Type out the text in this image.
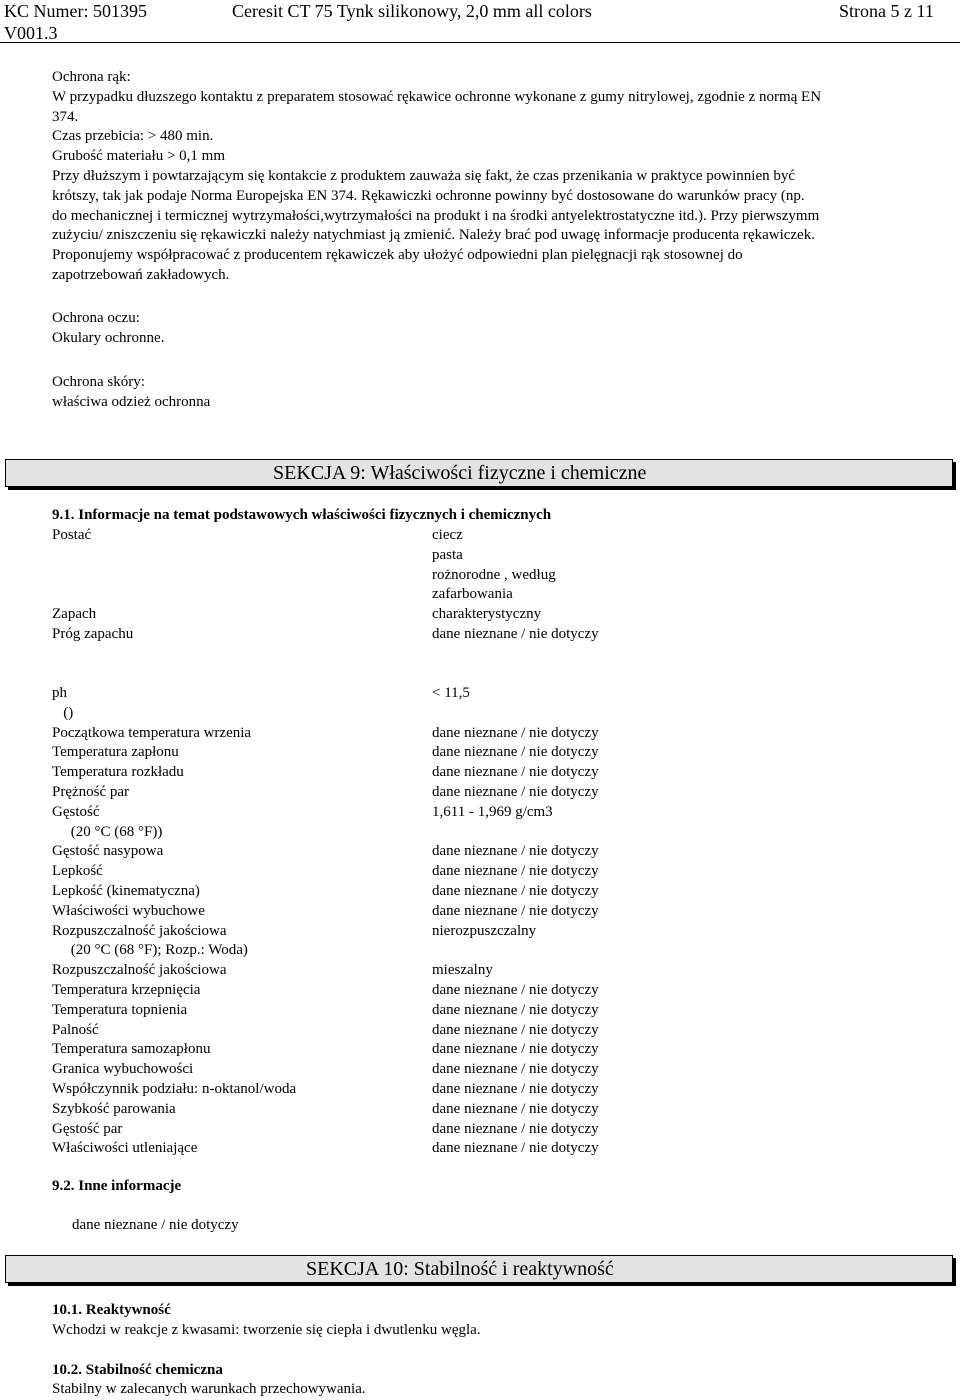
KC Numer: 501395
V001.3
Ceresit CT 75 Tynk silikonowy, 2,0 mm all colors	Strona 5 z 11
Ochrona rąk:
W przypadku dłuzszego kontaktu z preparatem stosować rękawice ochronne wykonane z gumy nitrylowej, zgodnie z normą EN
374.
Czas przebicia: > 480 min.
Grubość materiału > 0,1 mm
Przy dłuższym i powtarzającym się kontakcie z produktem zauważa się fakt, że czas przenikania w praktyce powinnien być
krótszy, tak jak podaje Norma Europejska EN 374. Rękawiczki ochronne powinny być dostosowane do warunków pracy (np.
do mechanicznej i termicznej wytrzymałości,wytrzymałości na produkt i na środki antyelektrostatyczne itd.). Przy pierwszymm
zużyciu/ zniszczeniu się rękawiczki należy natychmiast ją zmienić. Należy brać pod uwagę informacje producenta rękawiczek.
Proponujemy współpracować z producentem rękawiczek aby ułożyć odpowiedni plan pielęgnacji rąk stosownej do
zapotrzebowań zakładowych.
Ochrona oczu:
Okulary ochronne.
Ochrona skóry:
właściwa odzież ochronna
SEKCJA 9: Właściwości fizyczne i chemiczne
9.1. Informacje na temat podstawowych właściwości fizycznych i chemicznych
Postać	ciecz
pasta
rożnorodne , według
zafarbowania
Zapach	charakterystyczny
Próg zapachu	dane nieznane / nie dotyczy
ph	< 11,5
()
Początkowa temperatura wrzenia	dane nieznane / nie dotyczy
Temperatura zapłonu	dane nieznane / nie dotyczy
Temperatura rozkładu	dane nieznane / nie dotyczy
Prężność par	dane nieznane / nie dotyczy
Gęstość	1,611 - 1,969 g/cm3
(20 °C (68 °F))
Gęstość nasypowa	dane nieznane / nie dotyczy
Lepkość	dane nieznane / nie dotyczy
Lepkość (kinematyczna)	dane nieznane / nie dotyczy
Właściwości wybuchowe	dane nieznane / nie dotyczy
Rozpuszczalność jakościowa	nierozpuszczalny
(20 °C (68 °F); Rozp.: Woda)
Rozpuszczalność jakościowa	mieszalny
Temperatura krzepnięcia	dane nieznane / nie dotyczy
Temperatura topnienia	dane nieznane / nie dotyczy
Palność	dane nieznane / nie dotyczy
Temperatura samozapłonu	dane nieznane / nie dotyczy
Granica wybuchowości	dane nieznane / nie dotyczy
Współczynnik podziału: n-oktanol/woda	dane nieznane / nie dotyczy
Szybkość parowania	dane nieznane / nie dotyczy
Gęstość par	dane nieznane / nie dotyczy
Właściwości utleniające	dane nieznane / nie dotyczy
9.2. Inne informacje
dane nieznane / nie dotyczy
SEKCJA 10: Stabilność i reaktywność
10.1. Reaktywność
Wchodzi w reakcje z kwasami: tworzenie się ciepła i dwutlenku węgla.
10.2. Stabilność chemiczna
Stabilny w zalecanych warunkach przechowywania.
